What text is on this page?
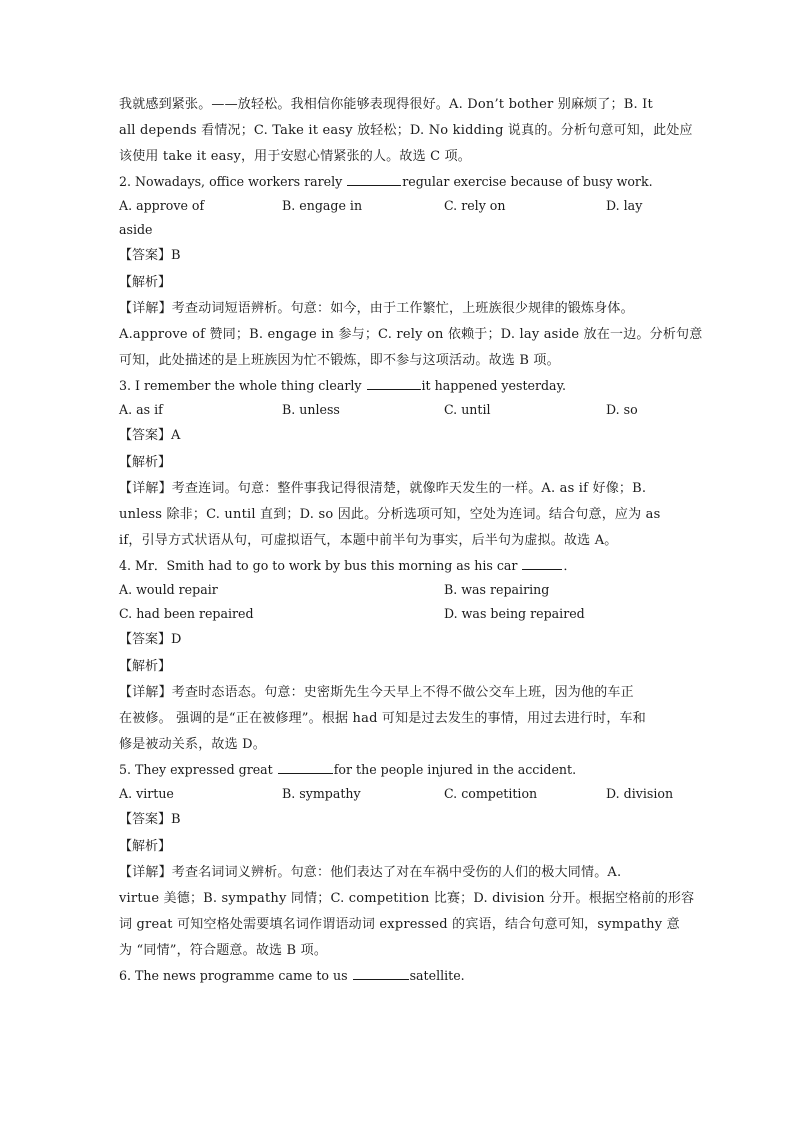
我就感到紧张。——放轻松。我相信你能够表现得很好。A. Don’t bother 别麻烦了；B. It
all depends 看情况；C. Take it easy 放轻松；D. No kidding 说真的。分析句意可知，此处应
该使用 take it easy，用于安慰心情紧张的人。故选 C 项。
2. Nowadays, office workers rarely	regular exercise because of busy work.
A. approve of	B. engage in	C. rely on	D. lay
aside
【答案】B
【解析】
【详解】考查动词短语辨析。句意：如今，由于工作繁忙，上班族很少规律的锻炼身体。
A.approve of 赞同；B. engage in 参与；C. rely on 依赖于；D. lay aside 放在一边。分析句意
可知，此处描述的是上班族因为忙不锻炼，即不参与这项活动。故选 B 项。
3. I remember the whole thing clearly	it happened yesterday.
A. as if	B. unless	C. until	D. so
【答案】A
【解析】
【详解】考查连词。句意：整件事我记得很清楚，就像昨天发生的一样。A. as if 好像；B.
unless 除非；C. until 直到；D. so 因此。分析选项可知，空处为连词。结合句意，应为 as
if，引导方式状语从句，可虚拟语气，本题中前半句为事实，后半句为虚拟。故选 A。
4. Mr．Smith had to go to work by bus this morning as his car	．
A. would repair	B. was repairing
C. had been repaired	D. was being repaired
【答案】D
【解析】
【详解】考查时态语态。句意：史密斯先生今天早上不得不做公交车上班，因为他的车正
在被修。 强调的是“正在被修理”。根据 had 可知是过去发生的事情，用过去进行时，车和
修是被动关系，故选 D。
5. They expressed great	for the people injured in the accident.
A. virtue	B. sympathy	C. competition	D. division
【答案】B
【解析】
【详解】考查名词词义辨析。句意：他们表达了对在车祸中受伤的人们的极大同情。A.
virtue 美德；B. sympathy 同情；C. competition 比赛；D. division 分开。根据空格前的形容
词 great 可知空格处需要填名词作谓语动词 expressed 的宾语，结合句意可知，sympathy 意
为 “同情”，符合题意。故选 B 项。
6. The news programme came to us	satellite.
